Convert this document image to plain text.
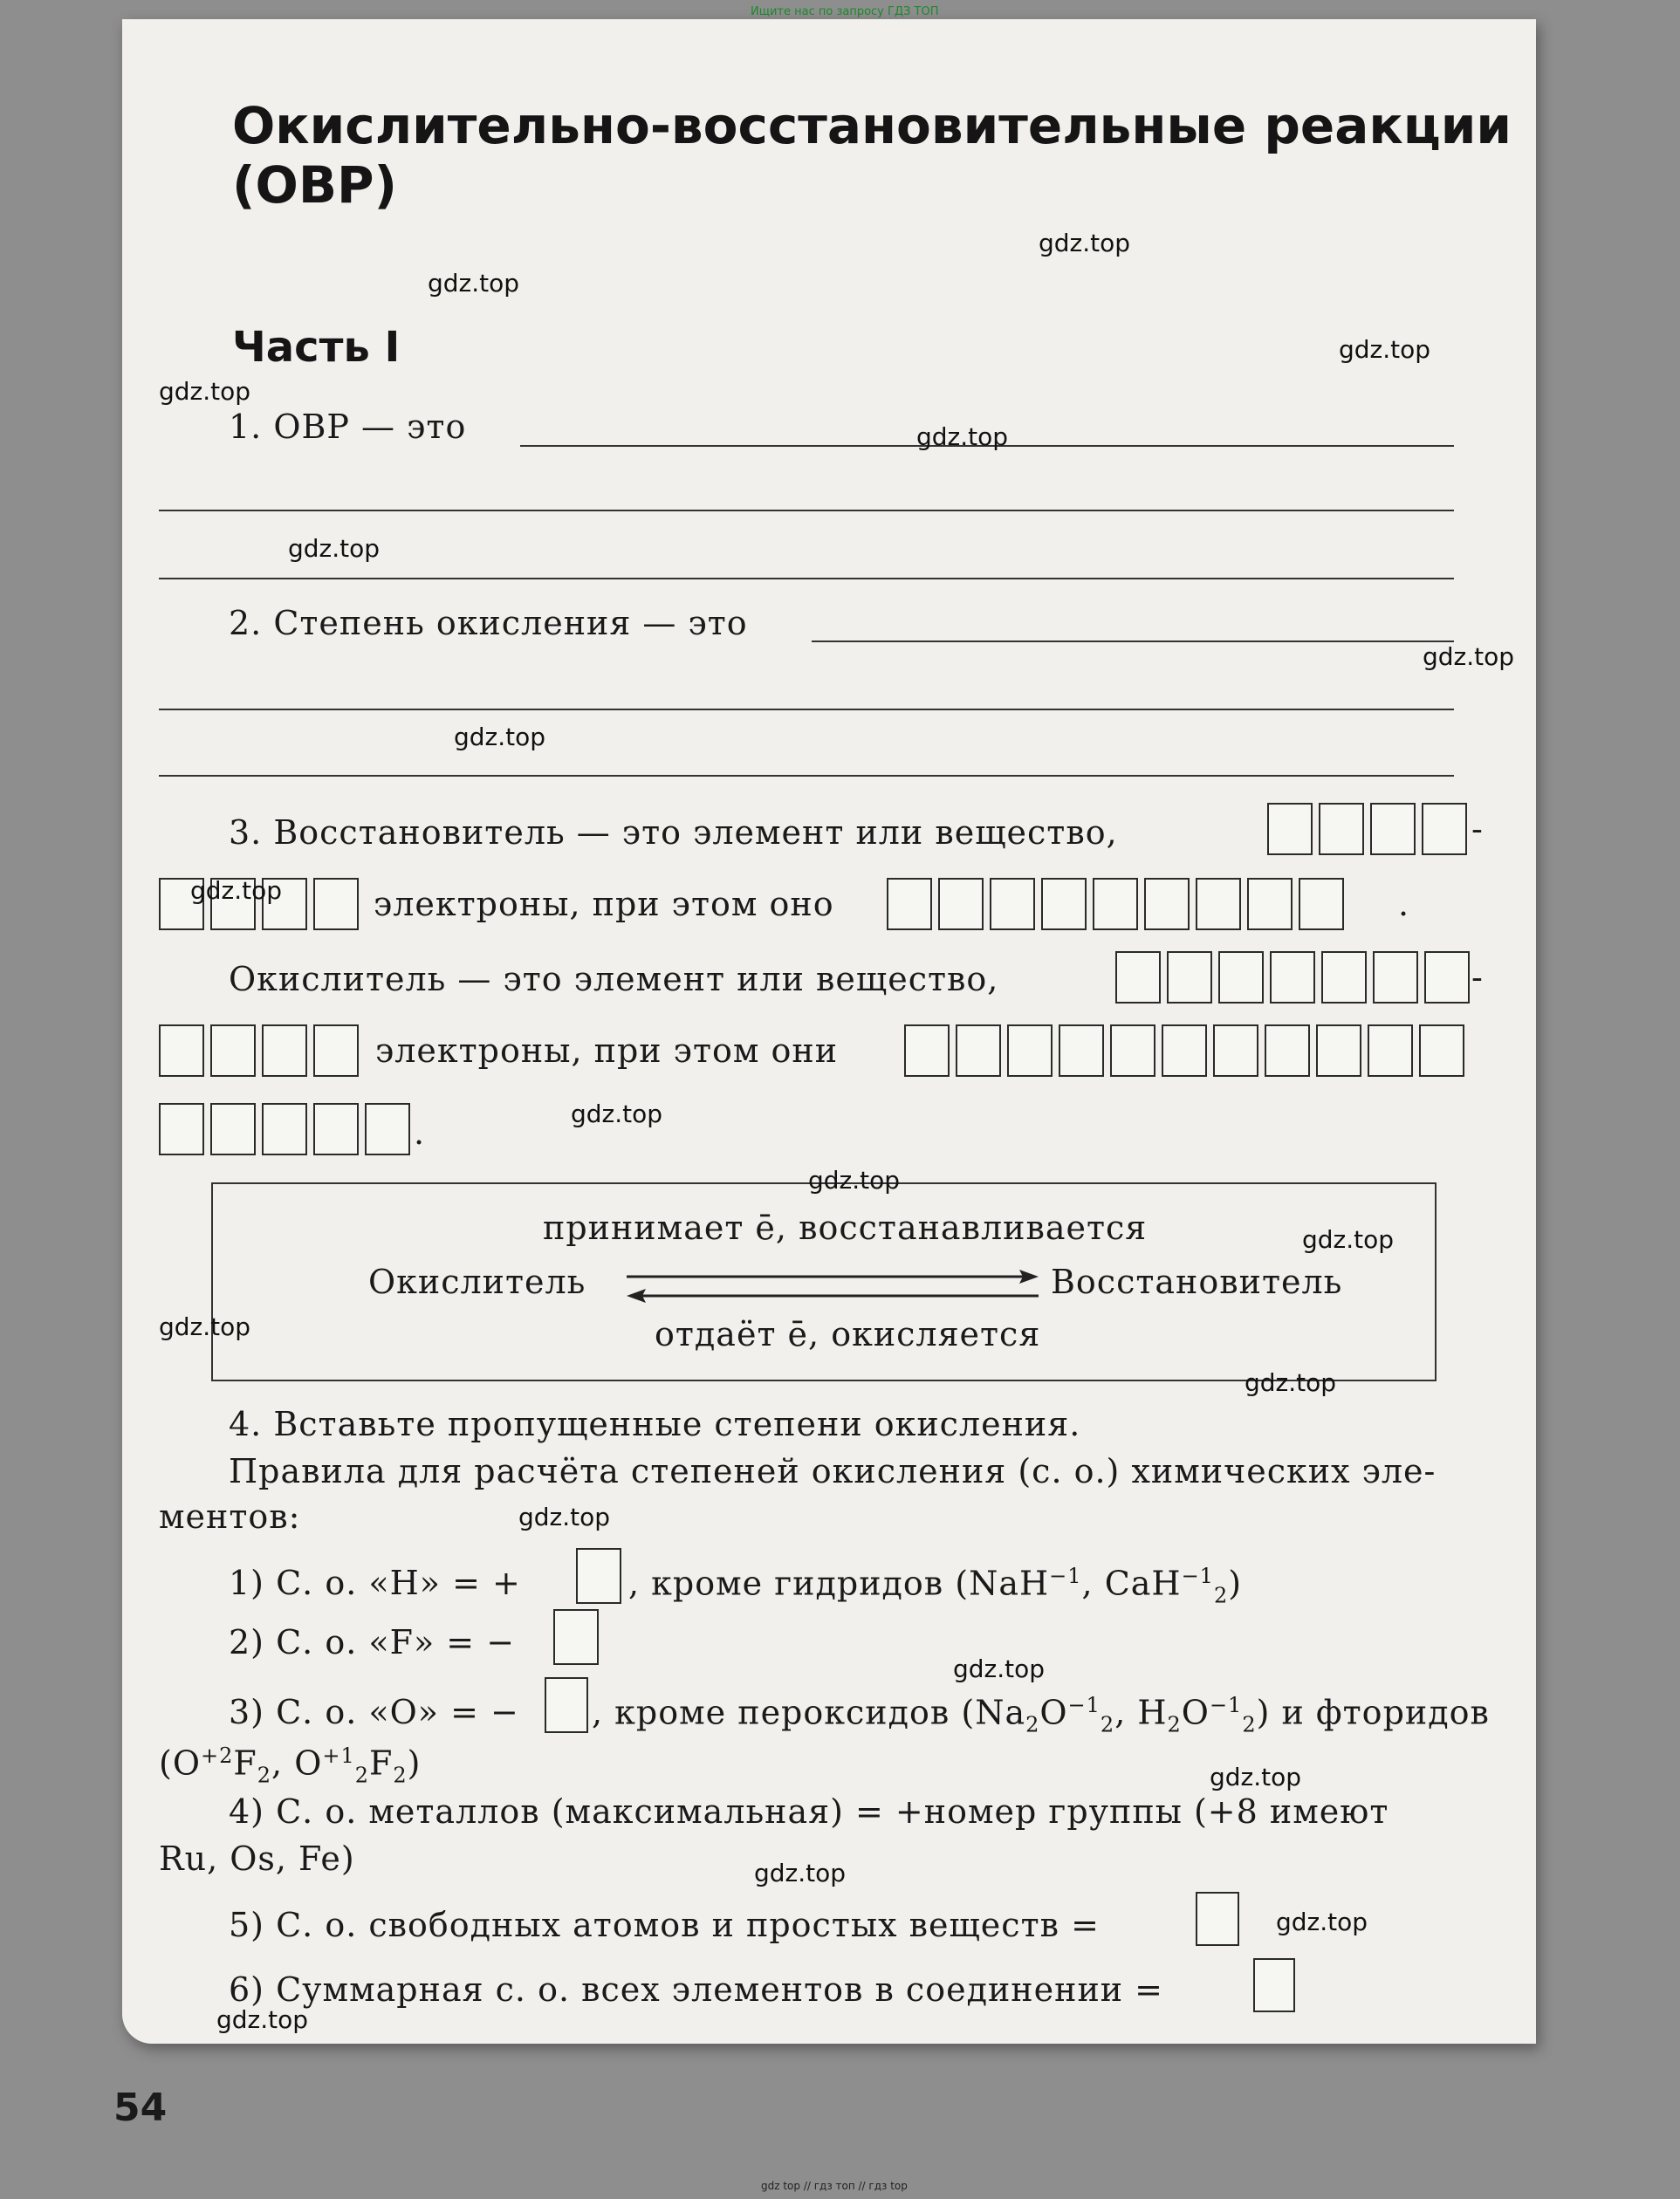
Ищите нас по запросу ГДЗ ТОП
gdz top // гдз топ // гдз top
Окислительно-восстановительные реакции
(ОВР)
Часть I
1. ОВР — это
2. Степень окисления — это
3. Восстановитель — это элемент или вещество,	-
электроны, при этом оно	.
Окислитель — это элемент или вещество,	-
электроны, при этом они
.
принимает ē, восстанавливается
Окислитель	Восстановитель
отдаёт ē, окисляется
4. Вставьте пропущенные степени окисления.
Правила для расчёта степеней окисления (с. о.) химических эле-
ментов:
1) С. о. «Н» = +	, кроме гидридов (NaH$^{-1}$, CaH$^{-1}_2$)
2) С. о. «F» = −
3) С. о. «О» = − , кроме пероксидов ($Na_2O^{-1}_2$, $H_2O^{-1}_2$) и фторидов
($O^{+2}F_2$, $O^{+1}_2F_2$)
4) С. о. металлов (максимальная) = +номер группы (+8 имеют
Ru, Os, Fe)
5) С. о. свободных атомов и простых веществ =
6) Суммарная с. о. всех элементов в соединении =
gdz.top
gdz.top
gdz.top
gdz.top
gdz.top
gdz.top
gdz.top
gdz.top
gdz.top
gdz.top
gdz.top
gdz.top
gdz.top
gdz.top
gdz.top
gdz.top
gdz.top
gdz.top
gdz.top
gdz.top
54
